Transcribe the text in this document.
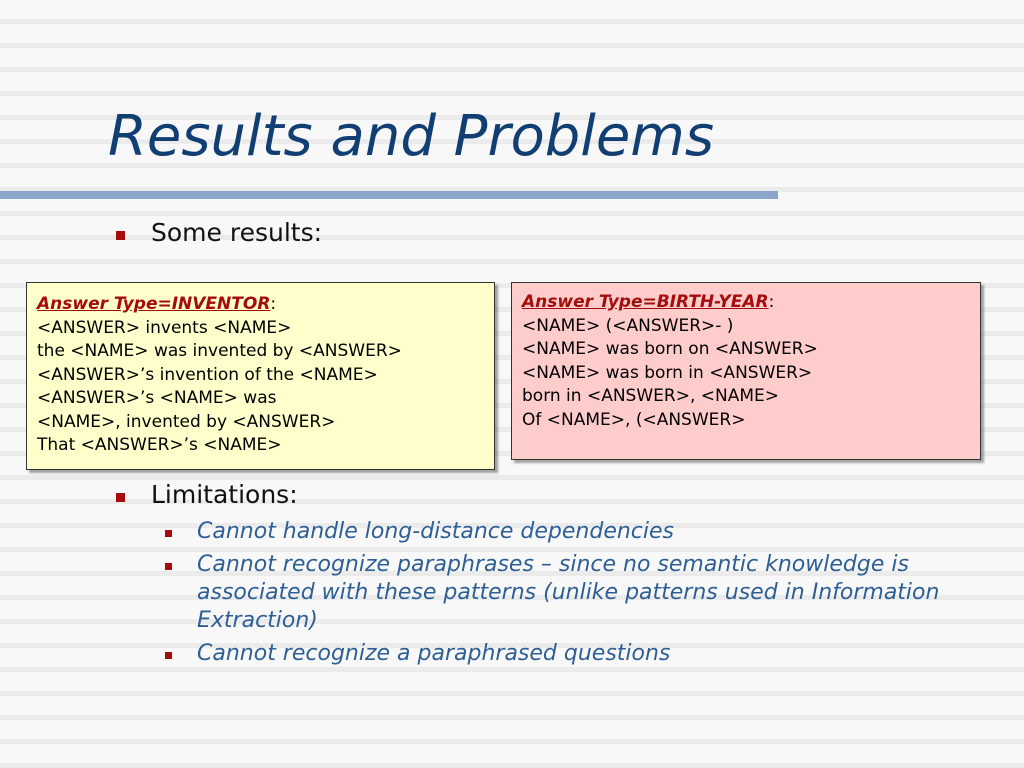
Results and Problems
Some results:
Answer Type=INVENTOR:
<ANSWER> invents <NAME>
the <NAME> was invented by <ANSWER>
<ANSWER>’s invention of the <NAME>
<ANSWER>’s <NAME> was
<NAME>, invented by <ANSWER>
That <ANSWER>’s <NAME>
Answer Type=BIRTH-YEAR:
<NAME> (<ANSWER>- )
<NAME> was born on <ANSWER>
<NAME> was born in <ANSWER>
born in <ANSWER>, <NAME>
Of <NAME>, (<ANSWER>
Limitations:
Cannot handle long-distance dependencies
Cannot recognize paraphrases – since no semantic knowledge is associated with these patterns (unlike patterns used in Information Extraction)
Cannot recognize a paraphrased questions
